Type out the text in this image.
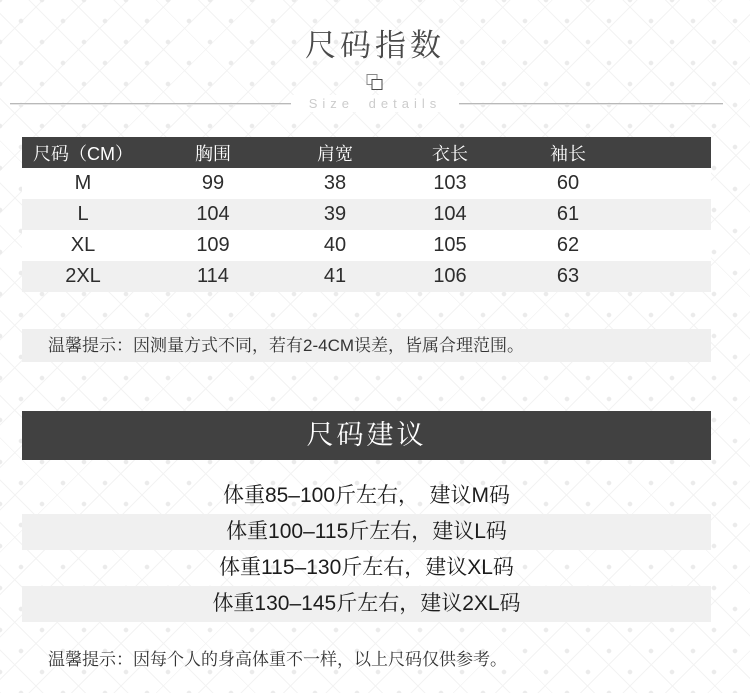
尺码指数
Size details
尺码（CM）	胸围	肩宽	衣长	袖长
M	99	38	103	60
L	104	39	104	61
XL	109	40	105	62
2XL	114	41	106	63
温馨提示：因测量方式不同，若有2-4CM误差，皆属合理范围。
尺码建议
体重85–100斤左右，　建议M码
体重100–115斤左右，建议L码
体重115–130斤左右，建议XL码
体重130–145斤左右，建议2XL码
温馨提示：因每个人的身高体重不一样，以上尺码仅供参考。
